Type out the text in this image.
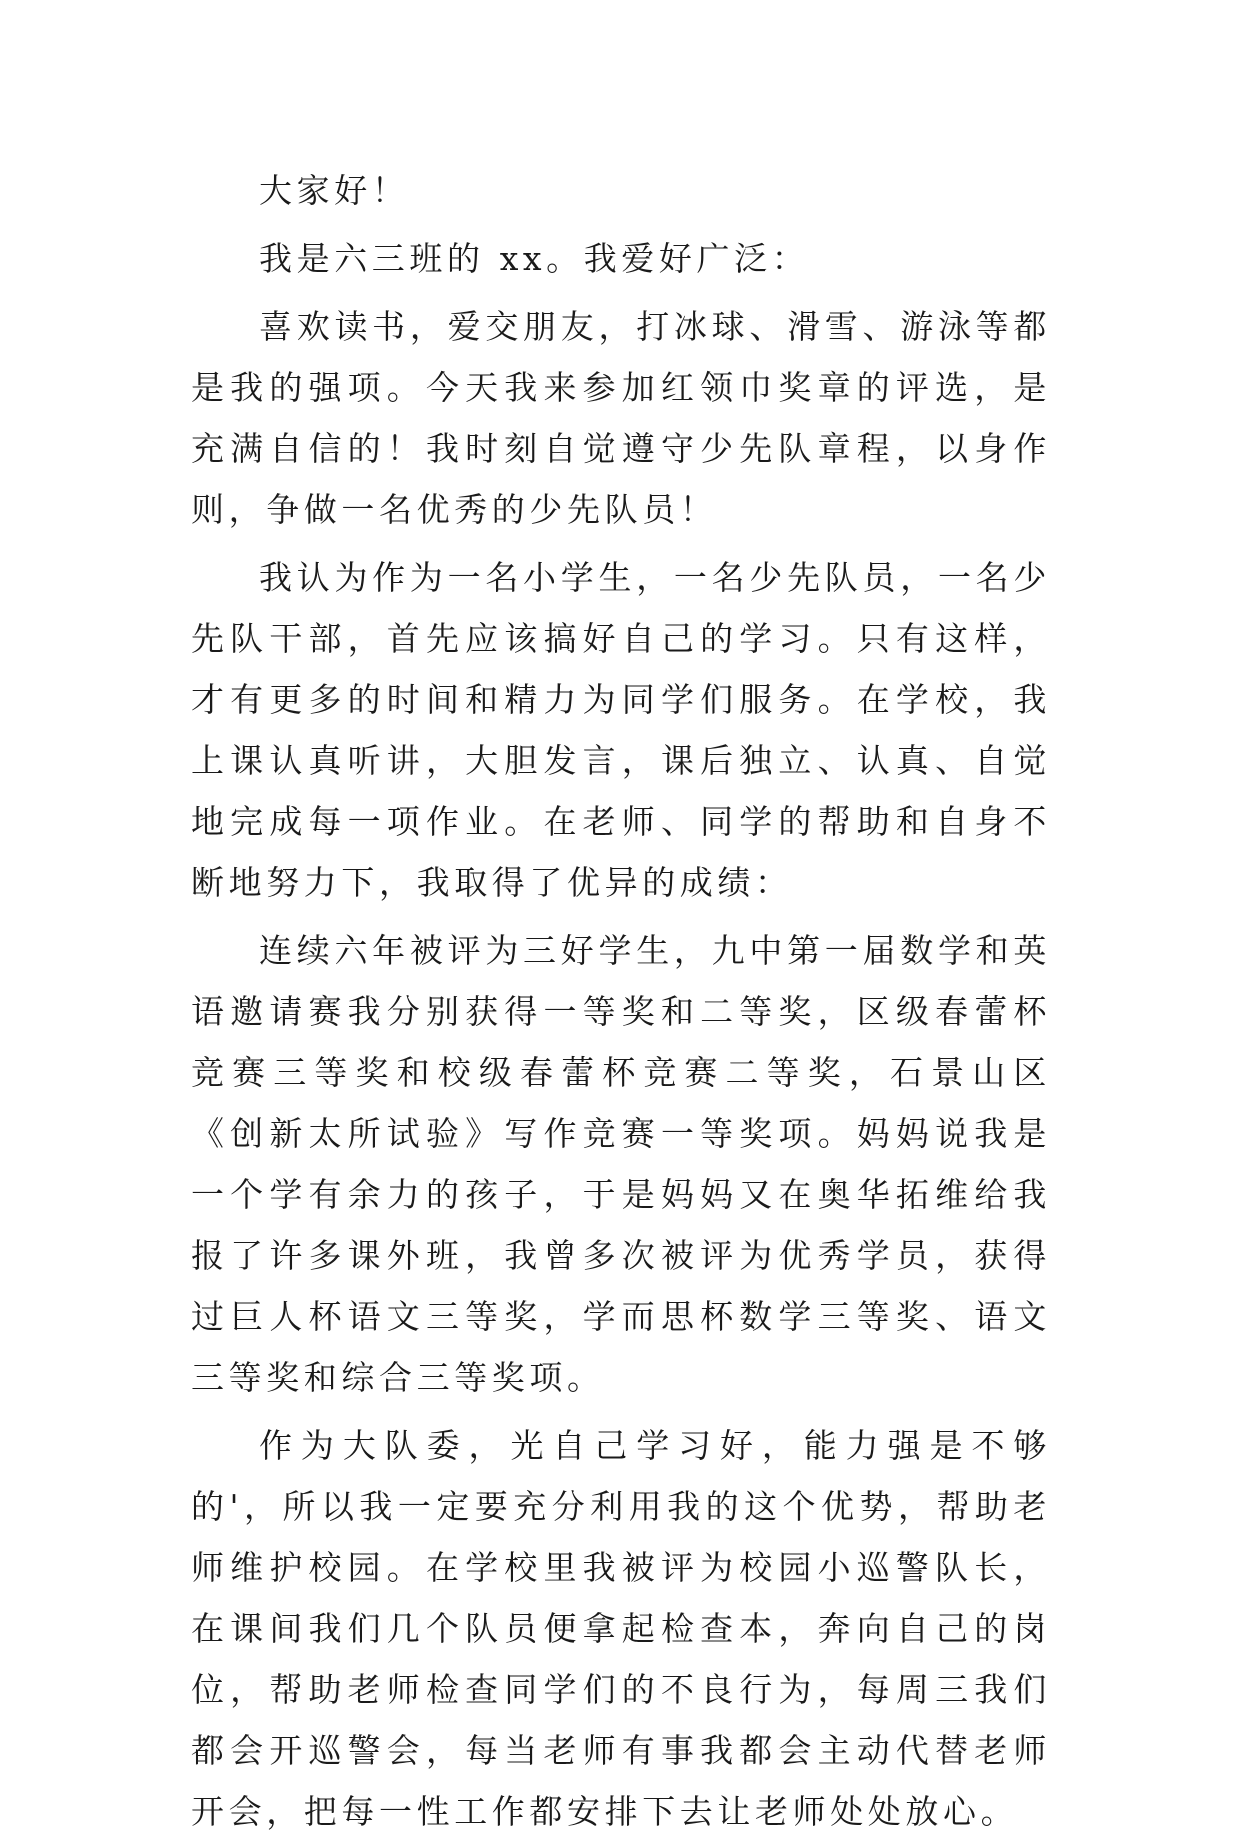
大家好！

我是六三班的 xx。我爱好广泛：

喜欢读书，爱交朋友，打冰球、滑雪、游泳等都是我的强项。今天我来参加红领巾奖章的评选，是充满自信的！我时刻自觉遵守少先队章程，以身作则，争做一名优秀的少先队员！

我认为作为一名小学生，一名少先队员，一名少先队干部，首先应该搞好自己的学习。只有这样，才有更多的时间和精力为同学们服务。在学校，我上课认真听讲，大胆发言，课后独立、认真、自觉地完成每一项作业。在老师、同学的帮助和自身不断地努力下，我取得了优异的成绩：

连续六年被评为三好学生，九中第一届数学和英语邀请赛我分别获得一等奖和二等奖，区级春蕾杯竞赛三等奖和校级春蕾杯竞赛二等奖，石景山区《创新太所试验》写作竞赛一等奖项。妈妈说我是一个学有余力的孩子，于是妈妈又在奥华拓维给我报了许多课外班，我曾多次被评为优秀学员，获得过巨人杯语文三等奖，学而思杯数学三等奖、语文三等奖和综合三等奖项。

作为大队委，光自己学习好，能力强是不够的'，所以我一定要充分利用我的这个优势，帮助老师维护校园。在学校里我被评为校园小巡警队长，在课间我们几个队员便拿起检查本，奔向自己的岗位，帮助老师检查同学们的不良行为，每周三我们都会开巡警会，每当老师有事我都会主动代替老师开会，把每一性工作都安排下去让老师处处放心。
